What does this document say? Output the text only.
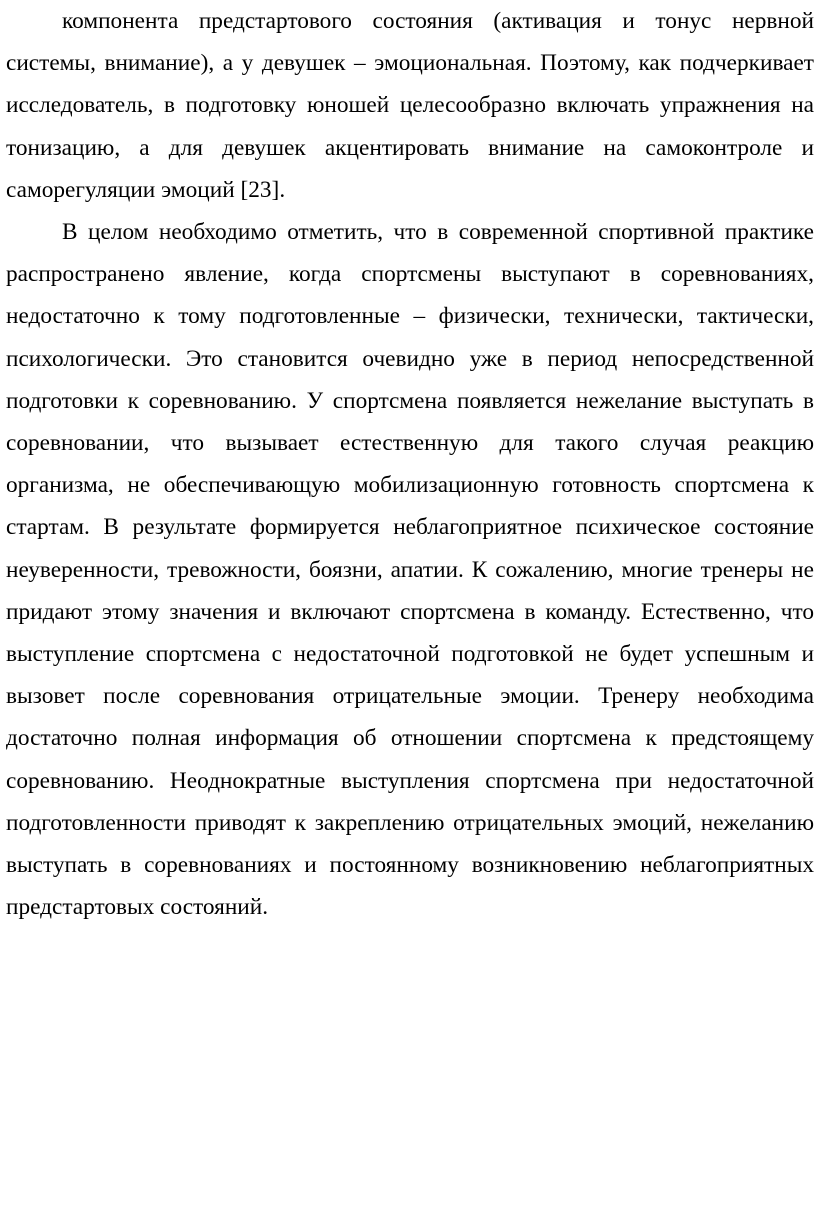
компонента предстартового состояния (активация и тонус нервной системы, внимание), а у девушек – эмоциональная. Поэтому, как подчеркивает исследователь, в подготовку юношей целесообразно включать упражнения на тонизацию, а для девушек акцентировать внимание на самоконтроле и саморегуляции эмоций [23].

В целом необходимо отметить, что в современной спортивной практике распространено явление, когда спортсмены выступают в соревнованиях, недостаточно к тому подготовленные – физически, технически, тактически, психологически. Это становится очевидно уже в период непосредственной подготовки к соревнованию. У спортсмена появляется нежелание выступать в соревновании, что вызывает естественную для такого случая реакцию организма, не обеспечивающую мобилизационную готовность спортсмена к стартам. В результате формируется неблагоприятное психическое состояние неуверенности, тревожности, боязни, апатии. К сожалению, многие тренеры не придают этому значения и включают спортсмена в команду. Естественно, что выступление спортсмена с недостаточной подготовкой не будет успешным и вызовет после соревнования отрицательные эмоции. Тренеру необходима достаточно полная информация об отношении спортсмена к предстоящему соревнованию. Неоднократные выступления спортсмена при недостаточной подготовленности приводят к закреплению отрицательных эмоций, нежеланию выступать в соревнованиях и постоянному возникновению неблагоприятных предстартовых состояний.
